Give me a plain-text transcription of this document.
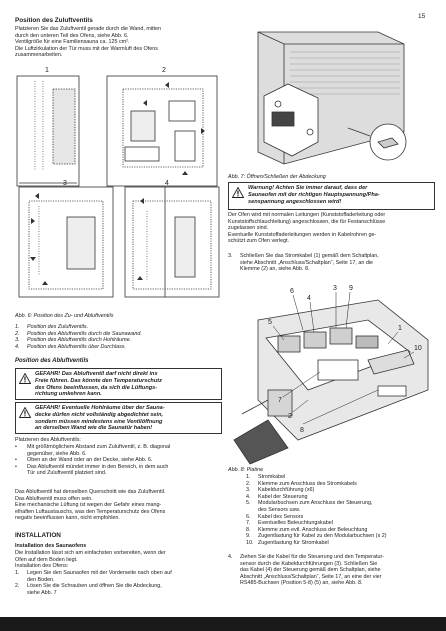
15
Position des Zuluftventils
Platzieren Sie das Zuluftventil gerade durch die Wand, mitten
durch den unteren Teil des Ofens, siehe Abb. 6.
Ventilgröße für eine Familiensauna ca. 125 cm².
Die Luftzirkulation der Tür muss mit der Warmluft des Ofens
zusammenarbeiten.
1	2
3	4
Abb. 6: Position des Zu- und Abluftventils
1.	Position des Zuluftventils.
2.	Position des Abluftventils durch die Saunawand.
3.	Position des Abluftventils durch Hohlräume.
4.	Position des Abluftventils über Durchlass.
Position des Abluftventils
GEFAHR! Das Abluftventil darf nicht direkt ins
Freie führen. Das könnte den Temperaturschutz
des Ofens beeinflussen, da sich die Lüftungs-
richtung umkehren kann.
GEFAHR! Eventuelle Hohlräume über der Sauna-
decke dürfen nicht vollständig abgedichtet sein,
sondern müssen mindestens eine Ventilöffnung
an derselben Wand wie die Saunatür haben!
Platzieren des Abluftventils:
•	Mit größtmöglichem Abstand zum Zuluftventil, z. B. diagonal
gegenüber, siehe Abb. 6.
•	Oben an der Wand oder an der Decke, siehe Abb. 6.
•	Das Abluftventil mündet immer in den Bereich, in dem auch
Tür und Zuluftventil platziert sind.
Das Abluftventil hat denselben Querschnitt wie das Zuluftventil.
Das Abluftventil muss offen sein.
Eine mechanische Lüftung ist wegen der Gefahr eines mang-
elhaften Luftaustauschs, was den Temperaturschutz des Ofens
negativ beeinflussen kann, nicht empfohlen.
INSTALLATION
Installation des Saunaofens
Die Installation lässt sich am einfachsten vorbereiten, wenn der
Ofen auf dem Boden liegt.
Installation des Ofens:
1.	Legen Sie den Saunaofen mit der Vorderseite nach oben auf
den Boden.
2.	Lösen Sie die Schrauben und öffnen Sie die Abdeckung,
siehe Abb. 7
Abb. 7: Öffnen/Schließen der Abdeckung
Warnung! Achten Sie immer darauf, dass der
Saunaofen mit der richtigen Hauptspannung/Pha-
senspannung angeschlossen wird!
Der Ofen wird mit normalen Leitungen (Kunststoffaderleitung oder
Kunststoffschlauchleitung) angeschlossen, die für Festanschlüsse
zugelassen sind.
Eventuelle Kunststoffaderleitungen werden in Kabelrohren ge-
schützt zum Ofen verlegt.
3.	Schließen Sie das Stromkabel (1) gemäß dem Schaltplan,
siehe Abschnitt „Anschluss/Schaltplan“, Seite 17, an die
Klemme (2) an, siehe Abb. 8.
6
4
3 9
5
1
10
7
2
8
Abb. 8: Platine
1.	Stromkabel
2.	Klemme zum Anschluss des Stromkabels
3.	Kabeldurchführung (x6)
4.	Kabel der Steuerung
5.	Modularbuchsen zum Anschluss der Steuerung,
des Sensors usw.
6.	Kabel des Sensors
7.	Eventuelles Beleuchtungskabel
8.	Klemme zum evtl. Anschluss der Beleuchtung
9.	Zugentlastung für Kabel zu den Modularbuchsen (x 2)
10. Zugentlastung für Stromkabel
4.	Ziehen Sie die Kabel für die Steuerung und den Temperatur-
sensor durch die Kabeldurchführungen (3). Schließen Sie
das Kabel (4) der Steuerung gemäß dem Schaltplan, siehe
Abschnitt „Anschluss/Schaltplan“, Seite 17, an eine der vier
RS485-Buchsen (Position 5-8) (5) an, siehe Abb. 8.
